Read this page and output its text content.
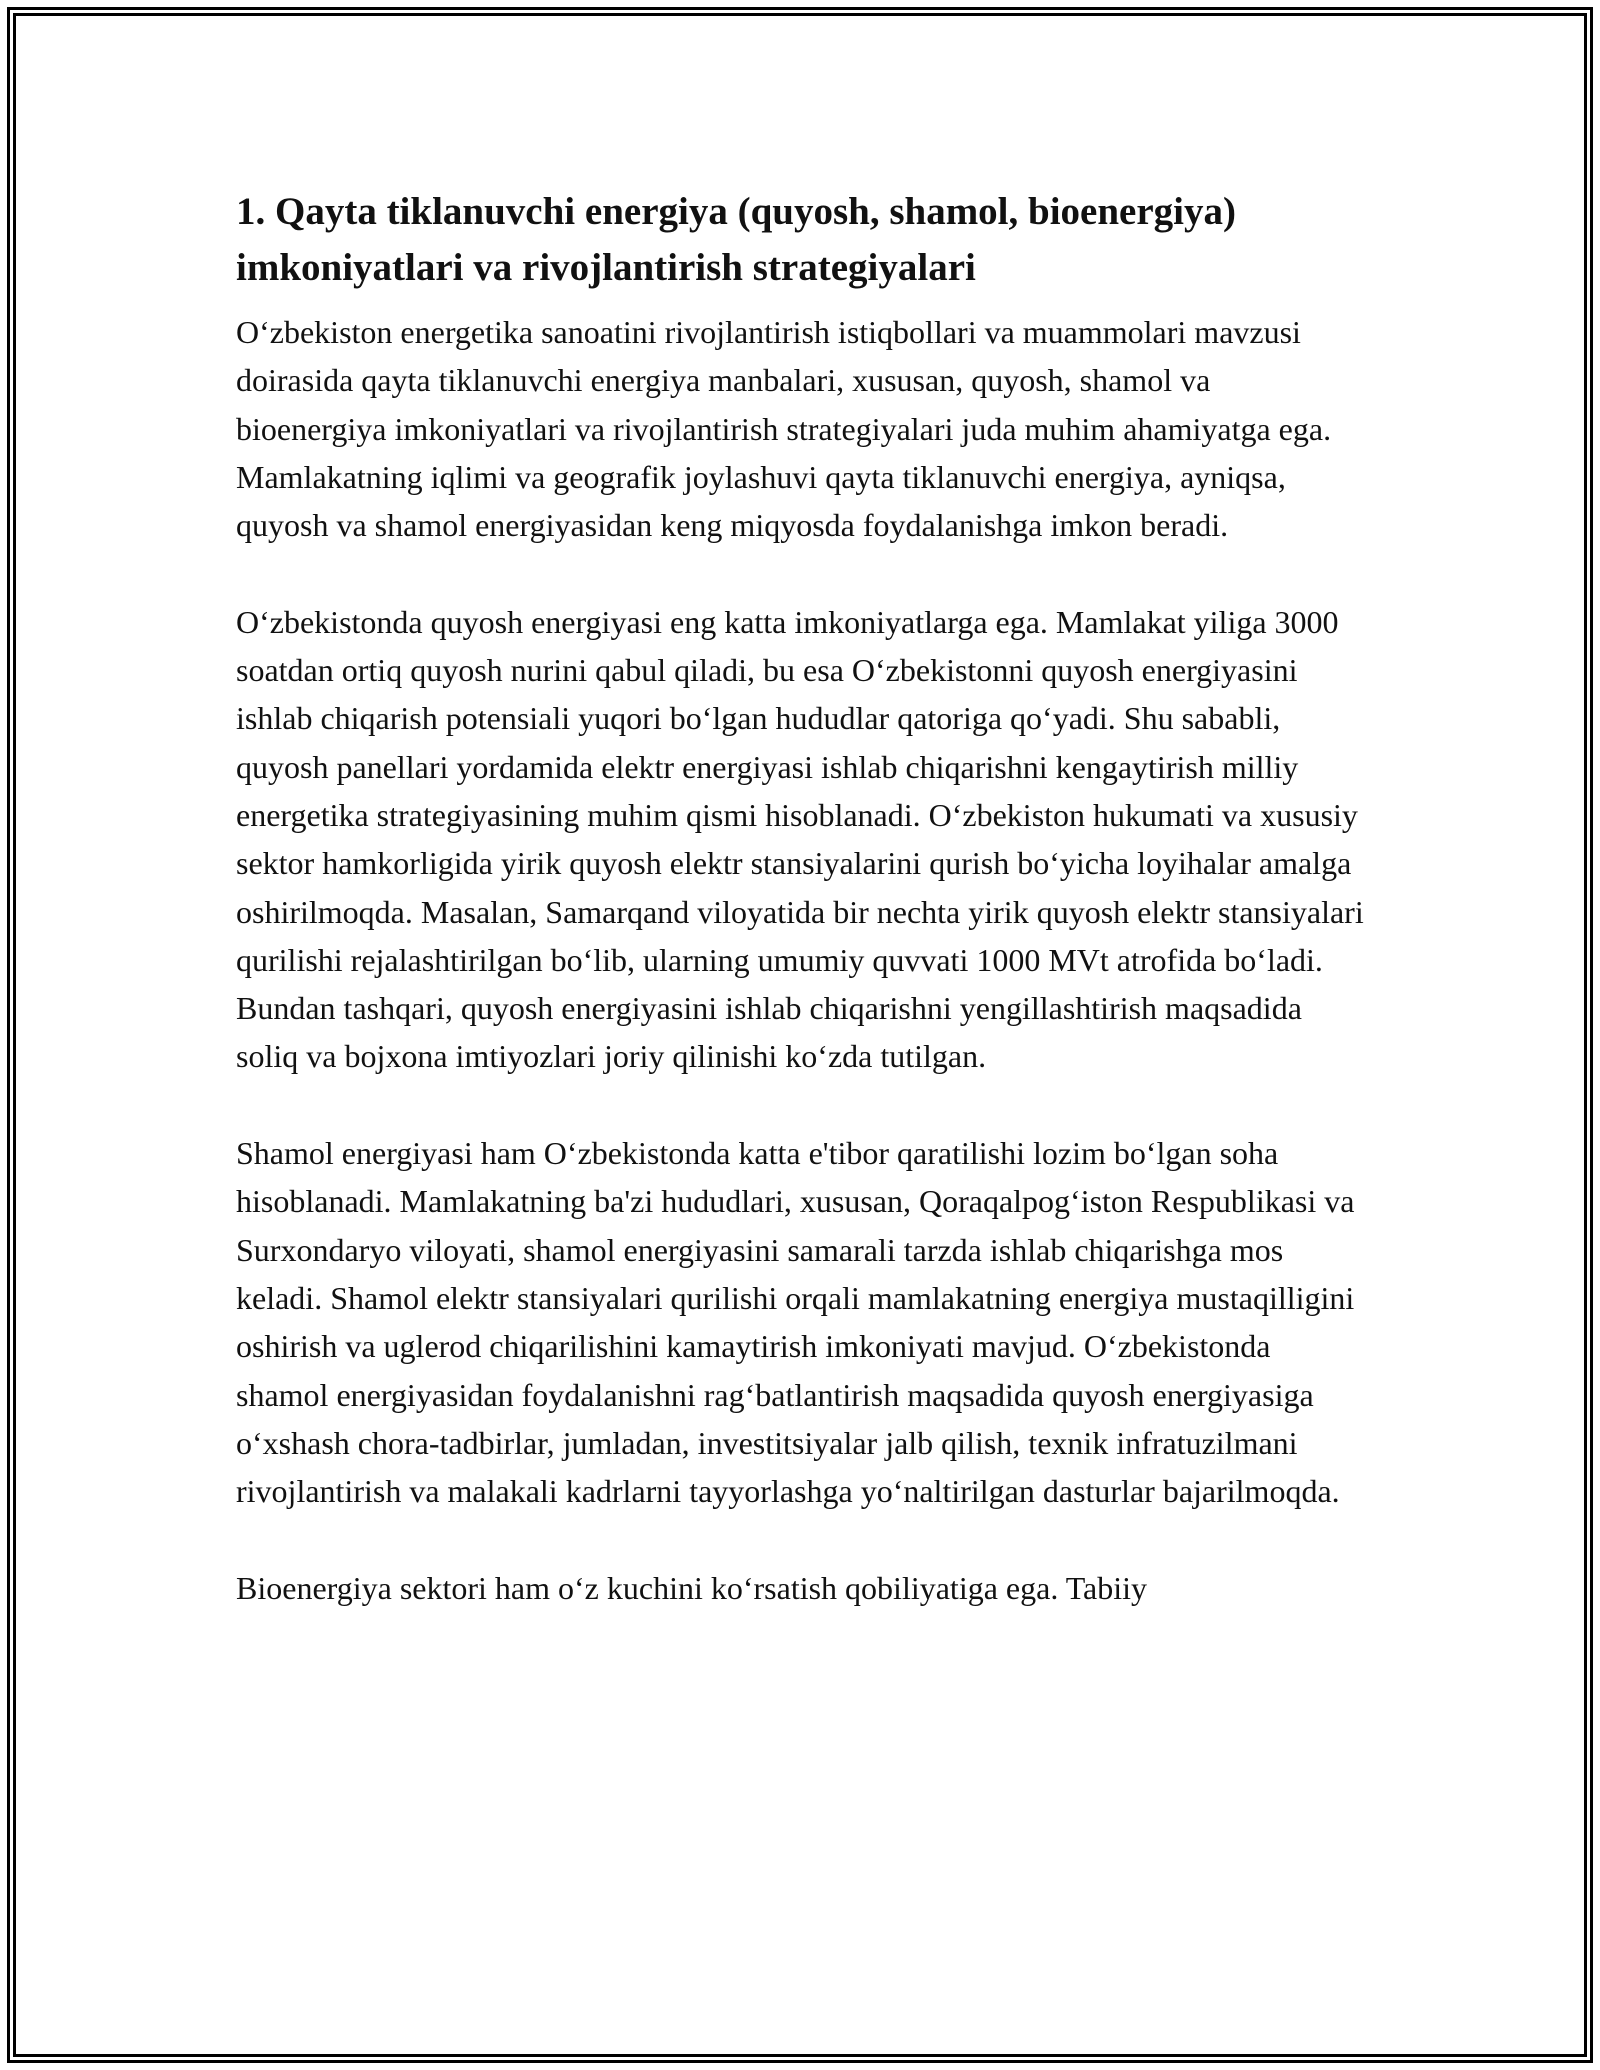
1. Qayta tiklanuvchi energiya (quyosh, shamol, bioenergiya) imkoniyatlari va rivojlantirish strategiyalari

O‘zbekiston energetika sanoatini rivojlantirish istiqbollari va muammolari mavzusi doirasida qayta tiklanuvchi energiya manbalari, xususan, quyosh, shamol va bioenergiya imkoniyatlari va rivojlantirish strategiyalari juda muhim ahamiyatga ega. Mamlakatning iqlimi va geografik joylashuvi qayta tiklanuvchi energiya, ayniqsa, quyosh va shamol energiyasidan keng miqyosda foydalanishga imkon beradi.

O‘zbekistonda quyosh energiyasi eng katta imkoniyatlarga ega. Mamlakat yiliga 3000 soatdan ortiq quyosh nurini qabul qiladi, bu esa O‘zbekistonni quyosh energiyasini ishlab chiqarish potensiali yuqori bo‘lgan hududlar qatoriga qo‘yadi. Shu sababli, quyosh panellari yordamida elektr energiyasi ishlab chiqarishni kengaytirish milliy energetika strategiyasining muhim qismi hisoblanadi. O‘zbekiston hukumati va xususiy sektor hamkorligida yirik quyosh elektr stansiyalarini qurish bo‘yicha loyihalar amalga oshirilmoqda. Masalan, Samarqand viloyatida bir nechta yirik quyosh elektr stansiyalari qurilishi rejalashtirilgan bo‘lib, ularning umumiy quvvati 1000 MVt atrofida bo‘ladi. Bundan tashqari, quyosh energiyasini ishlab chiqarishni yengillashtirish maqsadida soliq va bojxona imtiyozlari joriy qilinishi ko‘zda tutilgan.

Shamol energiyasi ham O‘zbekistonda katta e'tibor qaratilishi lozim bo‘lgan soha hisoblanadi. Mamlakatning ba'zi hududlari, xususan, Qoraqalpog‘iston Respublikasi va Surxondaryo viloyati, shamol energiyasini samarali tarzda ishlab chiqarishga mos keladi. Shamol elektr stansiyalari qurilishi orqali mamlakatning energiya mustaqilligini oshirish va uglerod chiqarilishini kamaytirish imkoniyati mavjud. O‘zbekistonda shamol energiyasidan foydalanishni rag‘batlantirish maqsadida quyosh energiyasiga o‘xshash chora-tadbirlar, jumladan, investitsiyalar jalb qilish, texnik infratuzilmani rivojlantirish va malakali kadrlarni tayyorlashga yo‘naltirilgan dasturlar bajarilmoqda.

Bioenergiya sektori ham o‘z kuchini ko‘rsatish qobiliyatiga ega. Tabiiy
